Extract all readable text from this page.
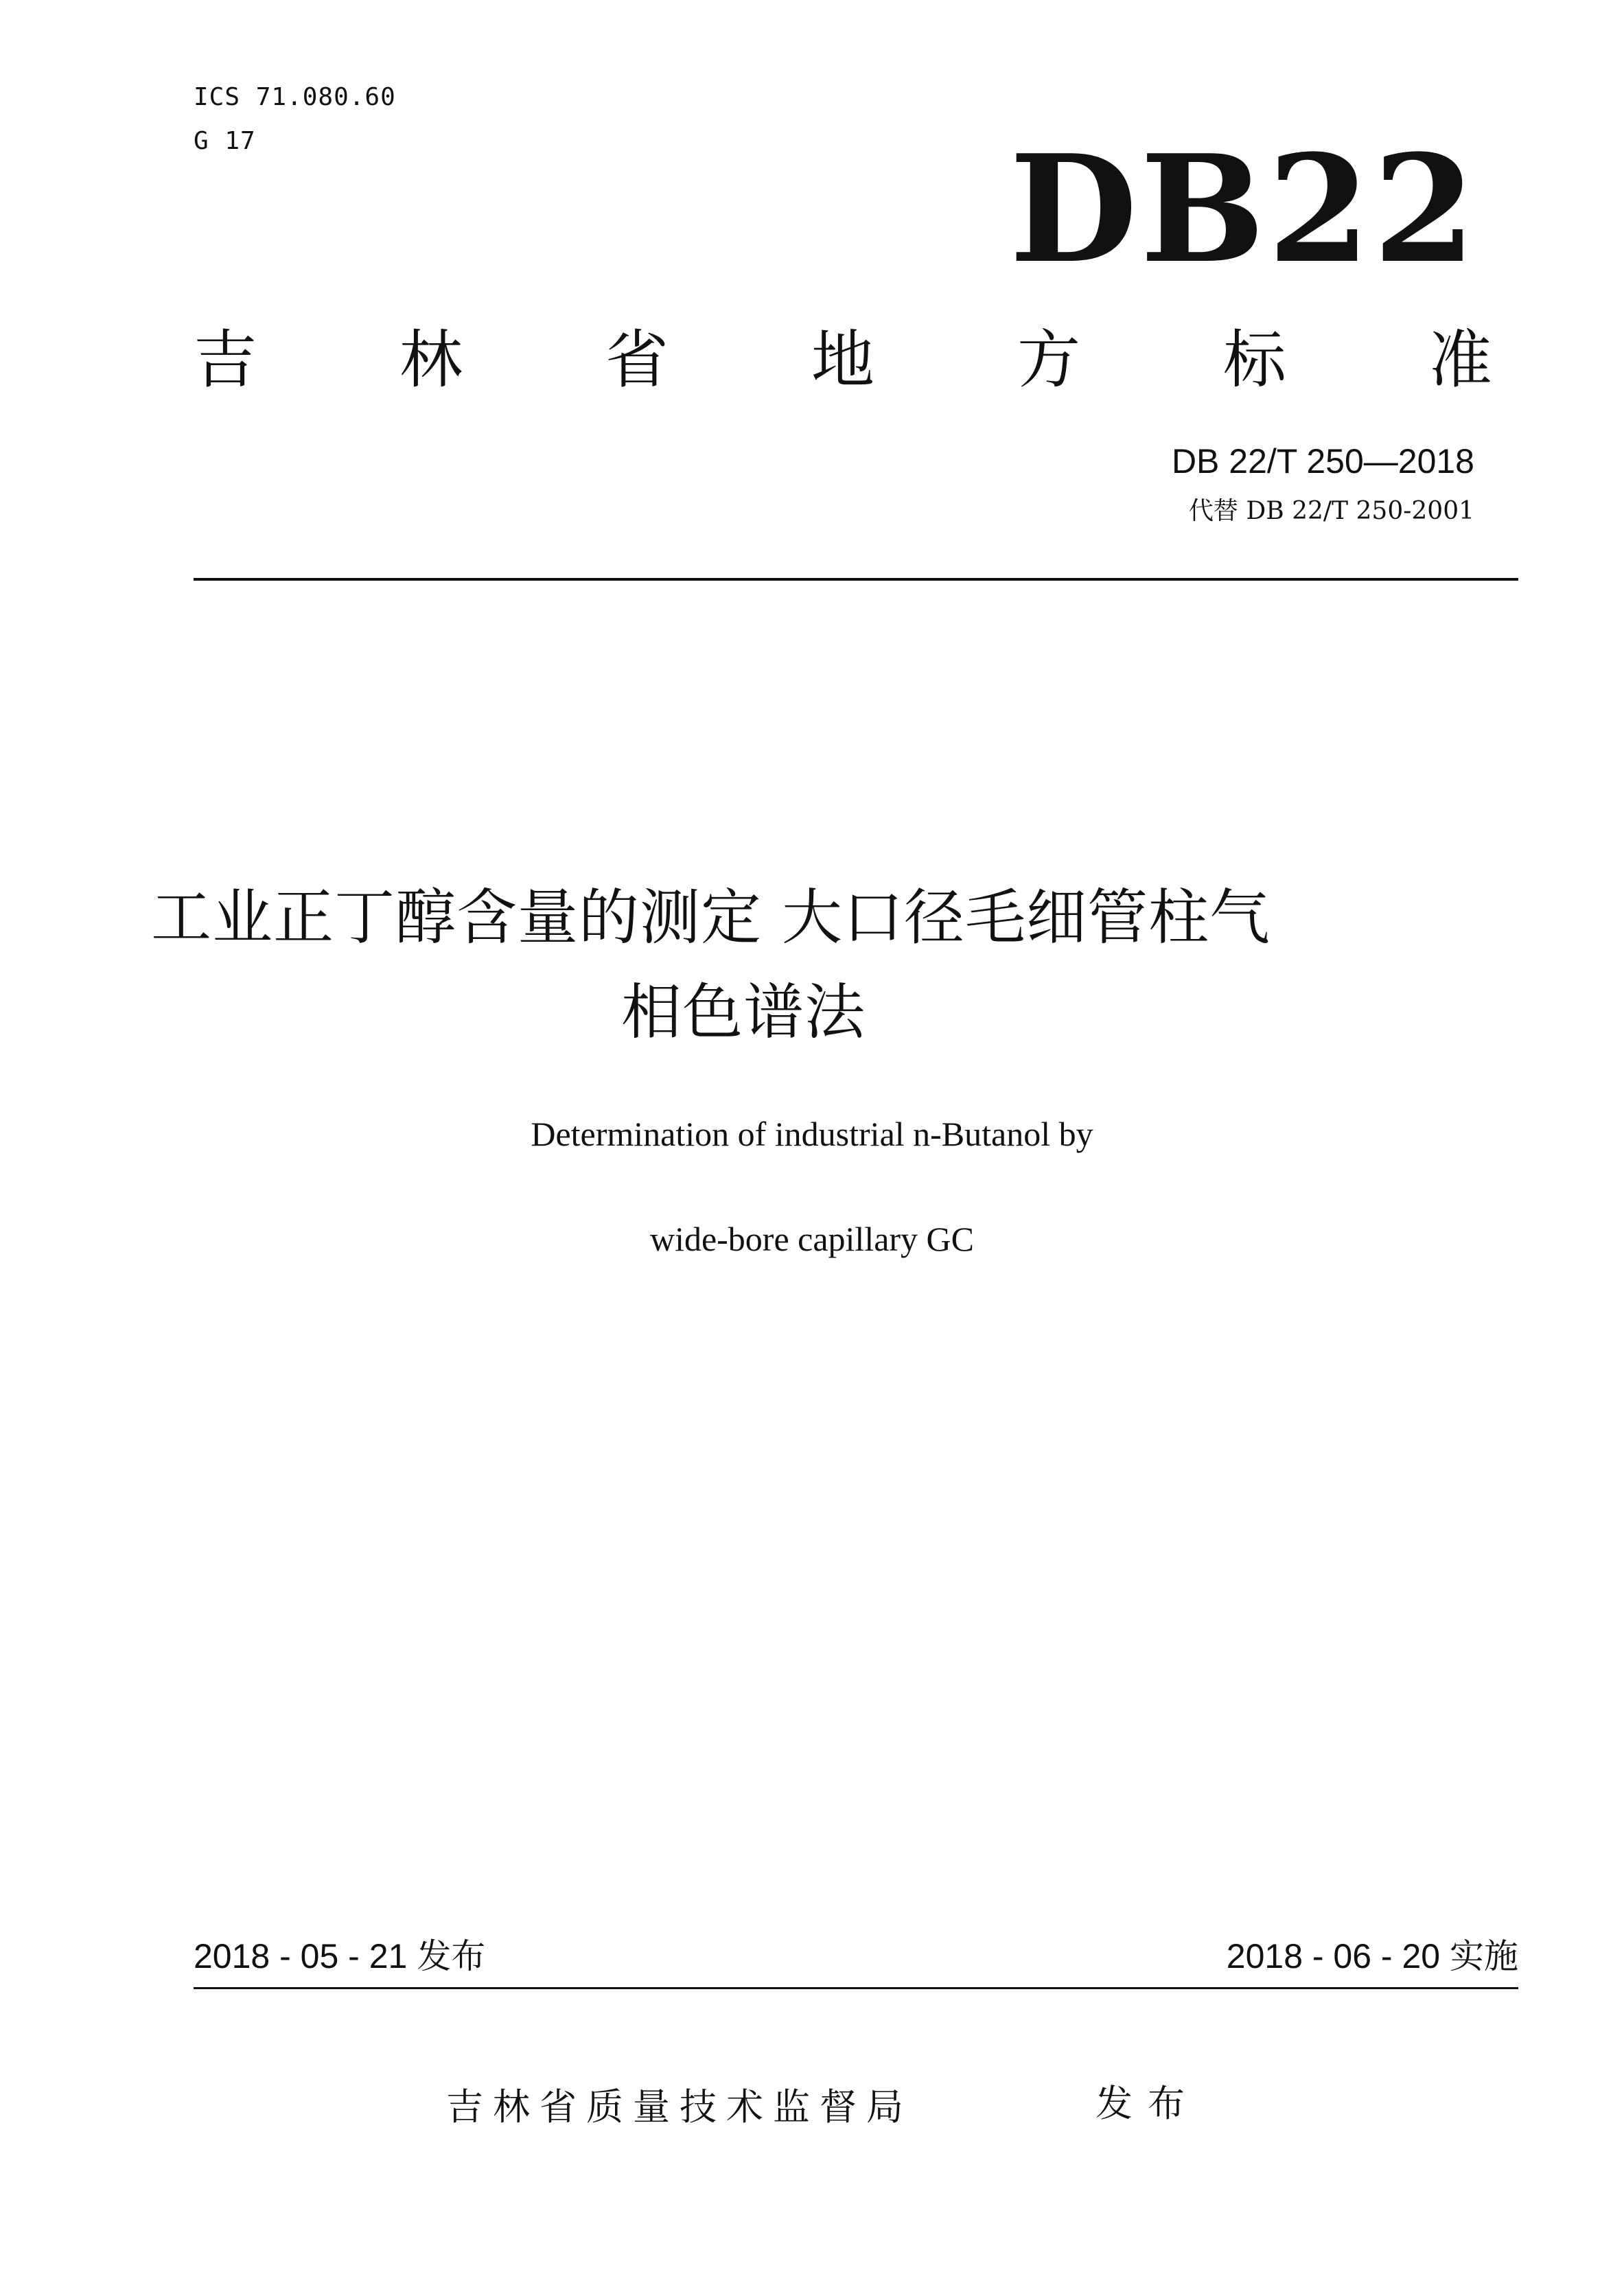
ICS 71.080.60
G 17	DB22
吉 林 省 地 方 标 准
DB 22/T 250—2018
代替 DB 22/T 250-2001
工业正丁醇含量的测定 大口径毛细管柱气
相色谱法
Determination of industrial n-Butanol by
wide-bore capillary GC
2018 - 05 - 21 发布	2018 - 06 - 20 实施
吉林省质量技术监督局	发布
